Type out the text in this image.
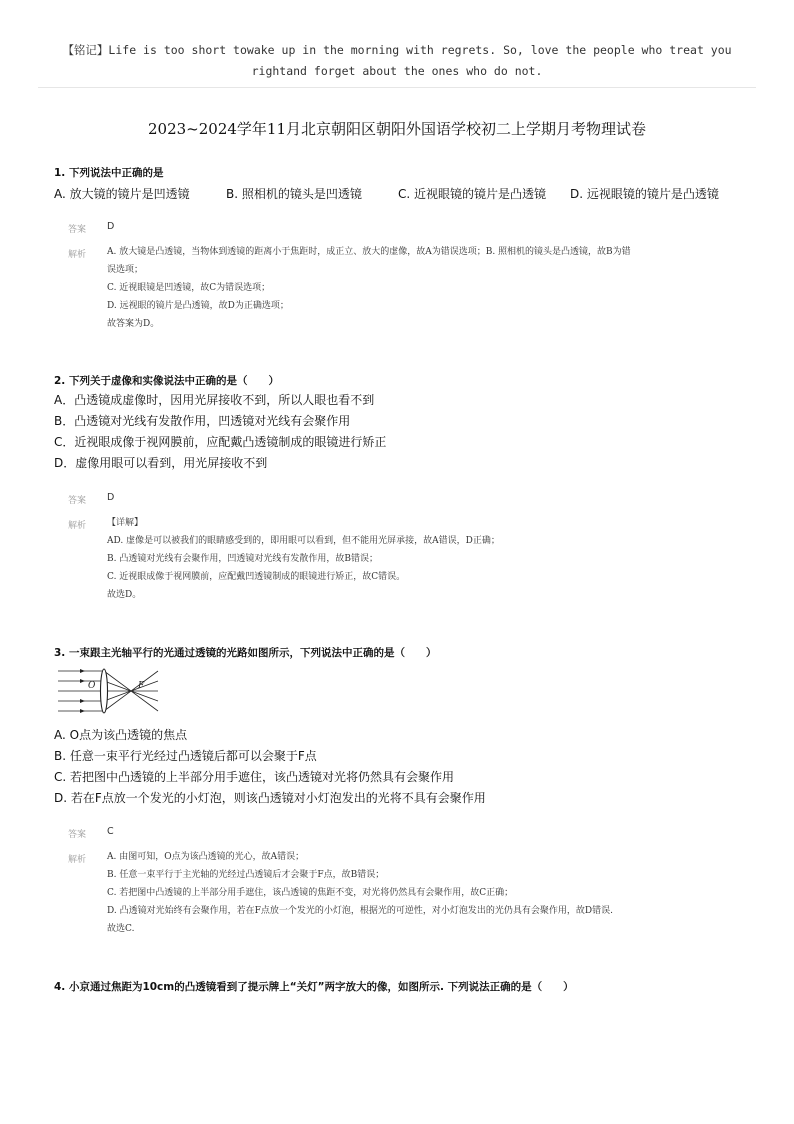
【铭记】Life is too short towake up in the morning with regrets. So, love the people who treat you
rightand forget about the ones who do not.
2023~2024学年11月北京朝阳区朝阳外国语学校初二上学期月考物理试卷
1. 下列说法中正确的是
A. 放大镜的镜片是凹透镜	B. 照相机的镜头是凹透镜	C. 近视眼镜的镜片是凸透镜 D. 远视眼镜的镜片是凸透镜
答案 D
解析 A. 放大镜是凸透镜，当物体到透镜的距离小于焦距时，成正立、放大的虚像，故A为错误选项；B. 照相机的镜头是凸透镜，故B为错
误选项；
C. 近视眼镜是凹透镜，故C为错误选项；
D. 远视眼的镜片是凸透镜，故D为正确选项；
故答案为D。
2. 下列关于虚像和实像说法中正确的是（　　）
A．凸透镜成虚像时，因用光屏接收不到，所以人眼也看不到
B．凸透镜对光线有发散作用，凹透镜对光线有会聚作用
C．近视眼成像于视网膜前，应配戴凸透镜制成的眼镜进行矫正
D．虚像用眼可以看到，用光屏接收不到
答案 D
解析 【详解】
AD. 虚像是可以被我们的眼睛感受到的，即用眼可以看到，但不能用光屏承接，故A错误，D正确；
B. 凸透镜对光线有会聚作用，凹透镜对光线有发散作用，故B错误；
C. 近视眼成像于视网膜前，应配戴凹透镜制成的眼镜进行矫正，故C错误。
故选D。
3. 一束跟主光轴平行的光通过透镜的光路如图所示，下列说法中正确的是（　　）
O	F
A. O点为该凸透镜的焦点
B. 任意一束平行光经过凸透镜后都可以会聚于F点
C. 若把图中凸透镜的上半部分用手遮住，该凸透镜对光将仍然具有会聚作用
D. 若在F点放一个发光的小灯泡，则该凸透镜对小灯泡发出的光将不具有会聚作用
答案 C
解析 A. 由图可知，O点为该凸透镜的光心，故A错误；
B. 任意一束平行于主光轴的光经过凸透镜后才会聚于F点，故B错误；
C. 若把图中凸透镜的上半部分用手遮住，该凸透镜的焦距不变，对光将仍然具有会聚作用，故C正确；
D. 凸透镜对光始终有会聚作用，若在F点放一个发光的小灯泡，根据光的可逆性，对小灯泡发出的光仍具有会聚作用，故D错误.
故选C.
4. 小京通过焦距为10cm的凸透镜看到了提示牌上“关灯”两字放大的像，如图所示. 下列说法正确的是（　　）
